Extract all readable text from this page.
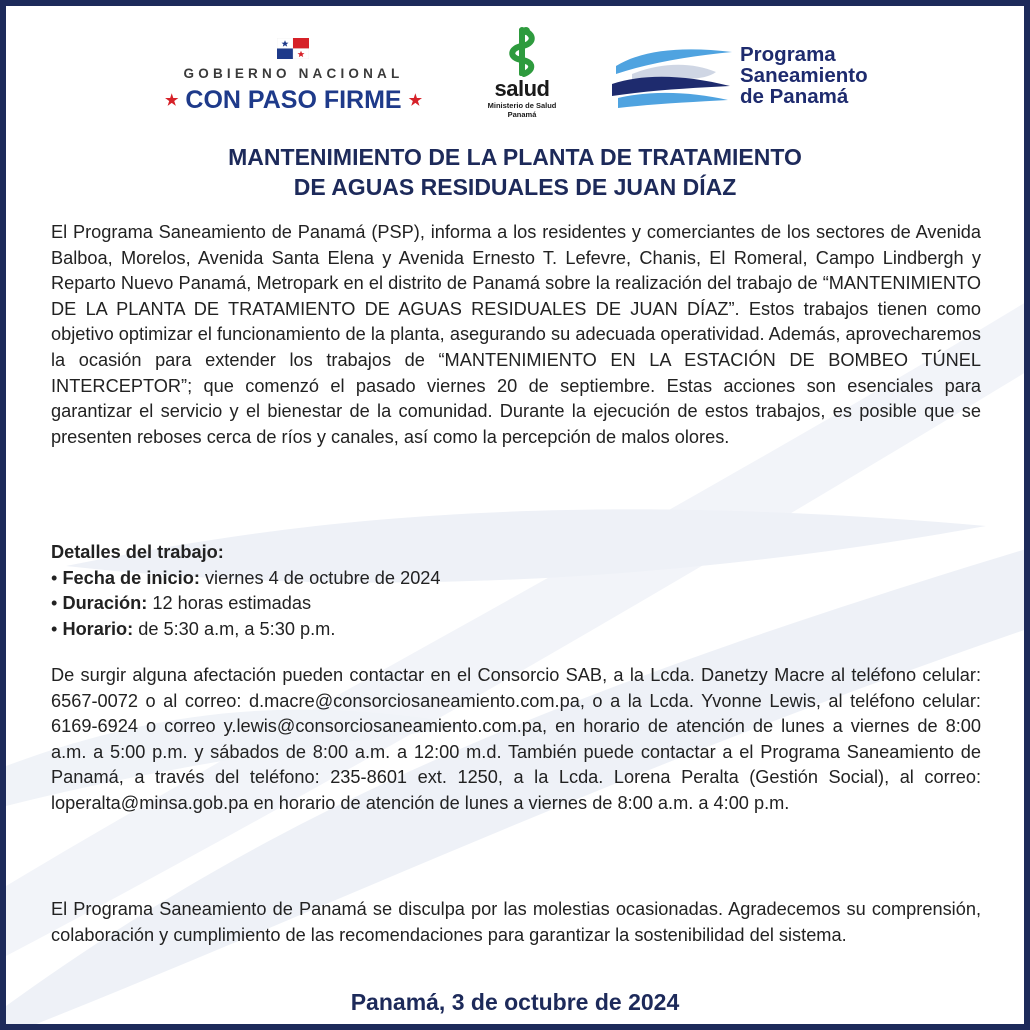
GOBIERNO NACIONAL
★ CON PASO FIRME ★	salud
Ministerio de Salud
Panamá
Programa
Saneamiento
de Panamá
MANTENIMIENTO DE LA PLANTA DE TRATAMIENTO
DE AGUAS RESIDUALES DE JUAN DÍAZ
El Programa Saneamiento de Panamá (PSP), informa a los residentes y comerciantes de los sectores de Avenida Balboa, Morelos, Avenida Santa Elena y Avenida Ernesto T. Lefevre, Chanis, El Romeral, Campo Lindbergh y Reparto Nuevo Panamá, Metropark en el distrito de Panamá sobre la realización del trabajo de “MANTENIMIENTO DE LA PLANTA DE TRATAMIENTO DE AGUAS RESIDUALES DE JUAN DÍAZ”. Estos trabajos tienen como objetivo optimizar el funcionamiento de la planta, asegurando su adecuada operatividad. Además, aprovecharemos la ocasión para extender los trabajos de “MANTENIMIENTO EN LA ESTACIÓN DE BOMBEO TÚNEL INTERCEPTOR”; que comenzó el pasado viernes 20 de septiembre. Estas acciones son esenciales para garantizar el servicio y el bienestar de la comunidad. Durante la ejecución de estos trabajos, es posible que se presenten reboses cerca de ríos y canales, así como la percepción de malos olores.
Detalles del trabajo:
• Fecha de inicio: viernes 4 de octubre de 2024
• Duración: 12 horas estimadas
• Horario: de 5:30 a.m, a 5:30 p.m.
De surgir alguna afectación pueden contactar en el Consorcio SAB, a la Lcda. Danetzy Macre al teléfono celular: 6567-0072 o al correo: d.macre@consorciosaneamiento.com.pa, o a la Lcda. Yvonne Lewis, al teléfono celular: 6169-6924 o correo y.lewis@consorciosaneamiento.com.pa, en horario de atención de lunes a viernes de 8:00 a.m. a 5:00 p.m. y sábados de 8:00 a.m. a 12:00 m.d. También puede contactar a el Programa Saneamiento de Panamá, a través del teléfono: 235-8601 ext. 1250, a la Lcda. Lorena Peralta (Gestión Social), al correo: loperalta@minsa.gob.pa en horario de atención de lunes a viernes de 8:00 a.m. a 4:00 p.m.
El Programa Saneamiento de Panamá se disculpa por las molestias ocasionadas. Agradecemos su comprensión, colaboración y cumplimiento de las recomendaciones para garantizar la sostenibilidad del sistema.
Panamá, 3 de octubre de 2024
